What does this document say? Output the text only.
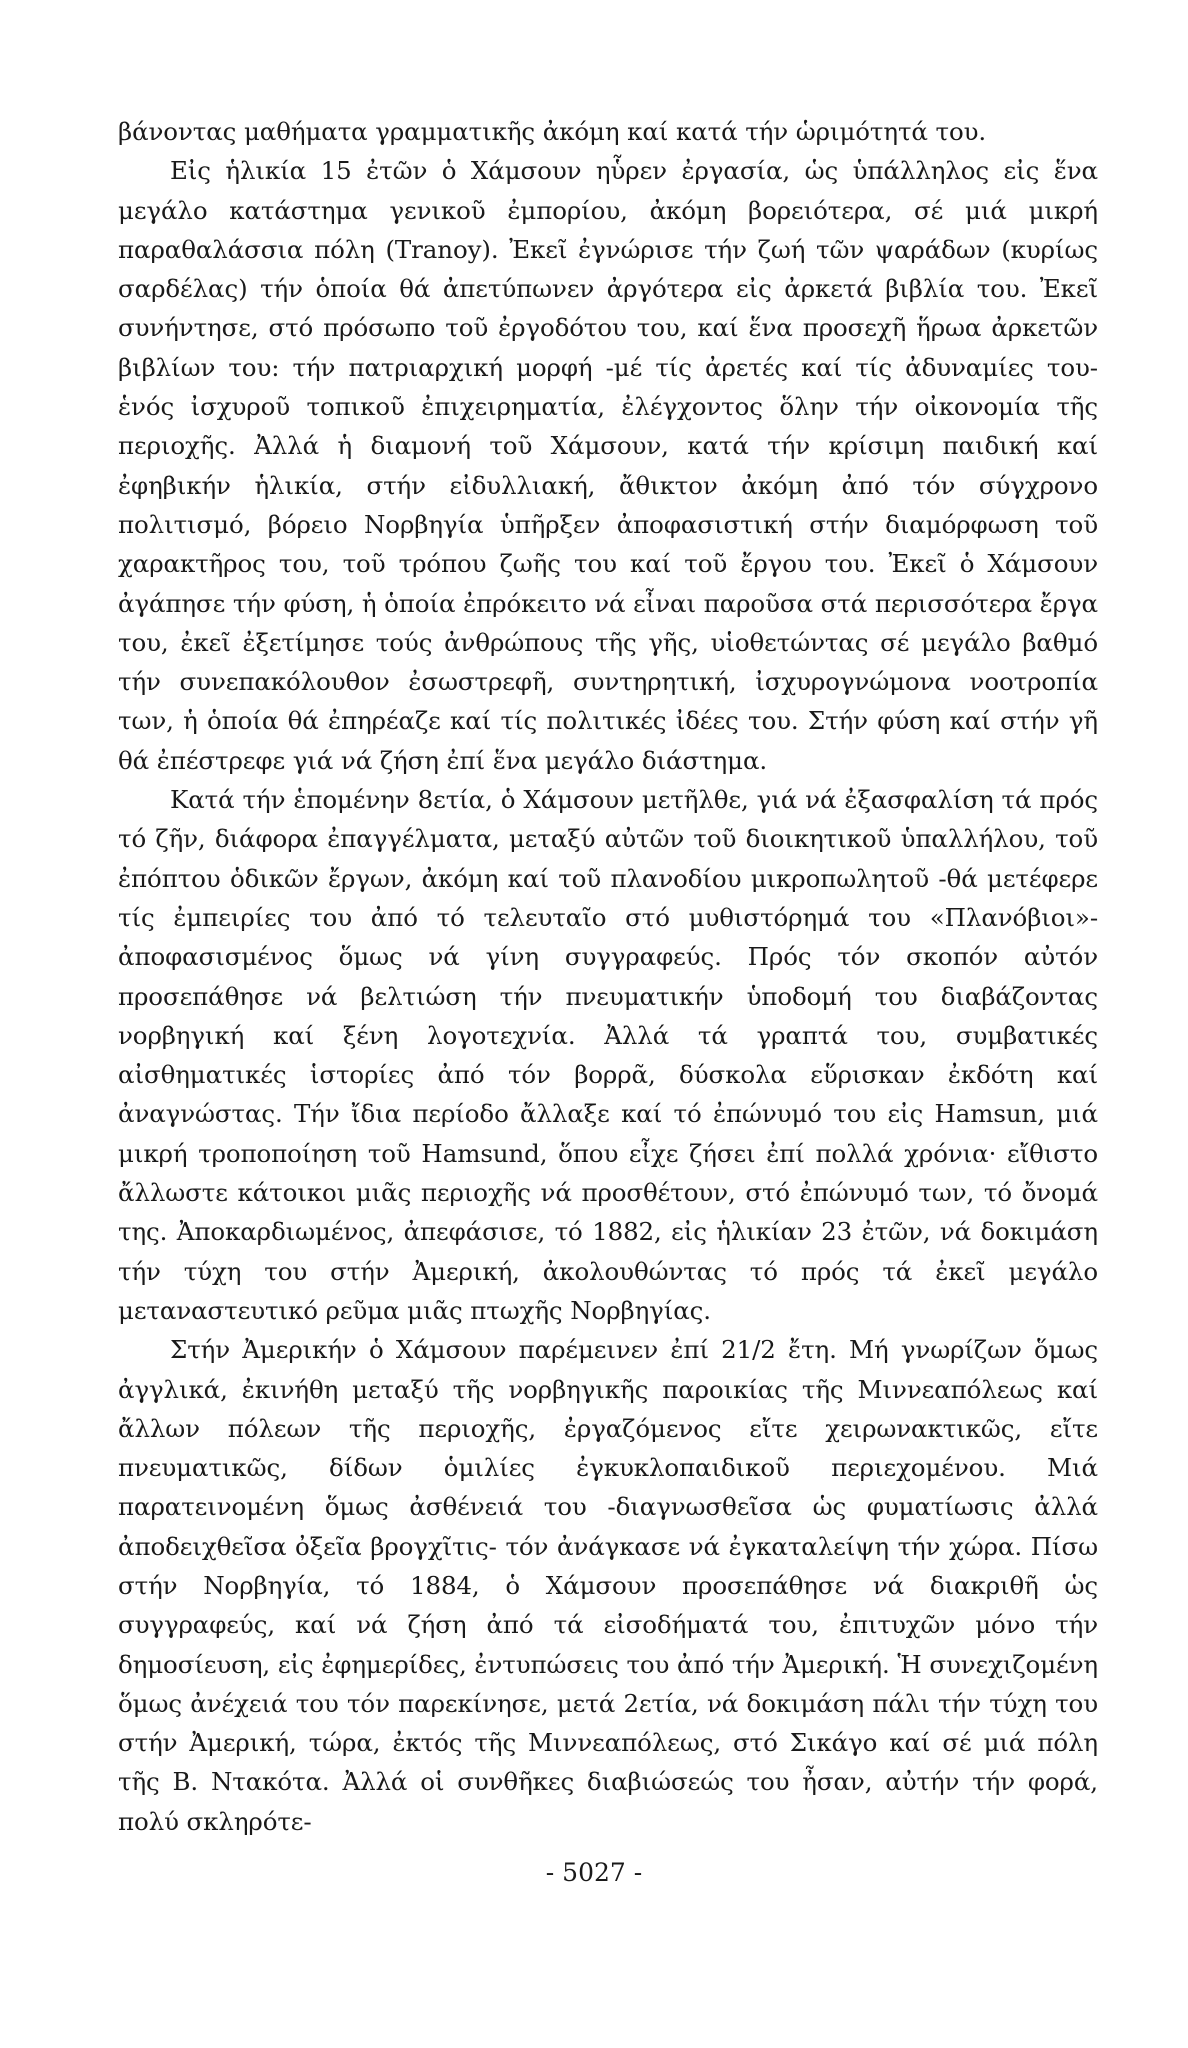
βάνοντας μαθήματα γραμματικῆς ἀκόμη καί κατά τήν ὡριμότητά του.

Εἰς ἡλικία 15 ἐτῶν ὁ Χάμσουν ηὗρεν ἐργασία, ὡς ὑπάλληλος εἰς ἕνα μεγάλο κατάστημα γενικοῦ ἐμπορίου, ἀκόμη βορειότερα, σέ μιά μικρή παραθαλάσσια πόλη (Tranoy). Ἐκεῖ ἐγνώρισε τήν ζωή τῶν ψαράδων (κυρίως σαρδέλας) τήν ὁποία θά ἀπετύπωνεν ἀργότερα εἰς ἀρκετά βιβλία του. Ἐκεῖ συνήντησε, στό πρόσωπο τοῦ ἐργοδότου του, καί ἕνα προσεχῆ ἥρωα ἀρκετῶν βιβλίων του: τήν πατριαρχική μορφή -μέ τίς ἀρετές καί τίς ἀδυναμίες του- ἑνός ἰσχυροῦ τοπικοῦ ἐπιχειρηματία, ἐλέγχοντος ὅλην τήν οἰκονομία τῆς περιοχῆς. Ἀλλά ἡ διαμονή τοῦ Χάμσουν, κατά τήν κρίσιμη παιδική καί ἐφηβικήν ἡλικία, στήν εἰδυλλιακή, ἄθικτον ἀκόμη ἀπό τόν σύγχρονο πολιτισμό, βόρειο Νορβηγία ὑπῆρξεν ἀποφασιστική στήν διαμόρφωση τοῦ χαρακτῆρος του, τοῦ τρόπου ζωῆς του καί τοῦ ἔργου του. Ἐκεῖ ὁ Χάμσουν ἀγάπησε τήν φύση, ἡ ὁποία ἐπρόκειτο νά εἶναι παροῦσα στά περισσότερα ἔργα του, ἐκεῖ ἐξετίμησε τούς ἀνθρώπους τῆς γῆς, υἱοθετώντας σέ μεγάλο βαθμό τήν συνεπακόλουθον ἐσωστρεφῆ, συντηρητική, ἰσχυρογνώμονα νοοτροπία των, ἡ ὁποία θά ἐπηρέαζε καί τίς πολιτικές ἰδέες του. Στήν φύση καί στήν γῆ θά ἐπέστρεφε γιά νά ζήση ἐπί ἕνα μεγάλο διάστημα.

Κατά τήν ἑπομένην 8ετία, ὁ Χάμσουν μετῆλθε, γιά νά ἐξασφαλίση τά πρός τό ζῆν, διάφορα ἐπαγγέλματα, μεταξύ αὐτῶν τοῦ διοικητικοῦ ὑπαλλήλου, τοῦ ἐπόπτου ὁδικῶν ἔργων, ἀκόμη καί τοῦ πλανοδίου μικροπωλητοῦ -θά μετέφερε τίς ἐμπειρίες του ἀπό τό τελευταῖο στό μυθιστόρημά του «Πλανόβιοι»- ἀποφασισμένος ὅμως νά γίνη συγγραφεύς. Πρός τόν σκοπόν αὐτόν προσεπάθησε νά βελτιώση τήν πνευματικήν ὑποδομή του διαβάζοντας νορβηγική καί ξένη λογοτεχνία. Ἀλλά τά γραπτά του, συμβατικές αἰσθηματικές ἱστορίες ἀπό τόν βορρᾶ, δύσκολα εὕρισκαν ἐκδότη καί ἀναγνώστας. Τήν ἴδια περίοδο ἄλλαξε καί τό ἐπώνυμό του εἰς Hamsun, μιά μικρή τροποποίηση τοῦ Hamsund, ὅπου εἶχε ζήσει ἐπί πολλά χρόνια· εἴθιστο ἄλλωστε κάτοικοι μιᾶς περιοχῆς νά προσθέτουν, στό ἐπώνυμό των, τό ὄνομά της. Ἀποκαρδιωμένος, ἀπεφάσισε, τό 1882, εἰς ἡλικίαν 23 ἐτῶν, νά δοκιμάση τήν τύχη του στήν Ἀμερική, ἀκολουθώντας τό πρός τά ἐκεῖ μεγάλο μεταναστευτικό ρεῦμα μιᾶς πτωχῆς Νορβηγίας.

Στήν Ἀμερικήν ὁ Χάμσουν παρέμεινεν ἐπί 21/2 ἔτη. Μή γνωρίζων ὅμως ἀγγλικά, ἐκινήθη μεταξύ τῆς νορβηγικῆς παροικίας τῆς Μιννεαπόλεως καί ἄλλων πόλεων τῆς περιοχῆς, ἐργαζόμενος εἴτε χειρωνακτικῶς, εἴτε πνευματικῶς, δίδων ὁμιλίες ἐγκυκλοπαιδικοῦ περιεχομένου. Μιά παρατεινομένη ὅμως ἀσθένειά του -διαγνωσθεῖσα ὡς φυματίωσις ἀλλά ἀποδειχθεῖσα ὀξεῖα βρογχῖτις- τόν ἀνάγκασε νά ἐγκαταλείψη τήν χώρα. Πίσω στήν Νορβηγία, τό 1884, ὁ Χάμσουν προσεπάθησε νά διακριθῆ ὡς συγγραφεύς, καί νά ζήση ἀπό τά εἰσοδήματά του, ἐπιτυχῶν μόνο τήν δημοσίευση, εἰς ἐφημερίδες, ἐντυπώσεις του ἀπό τήν Ἀμερική. Ἡ συνεχιζομένη ὅμως ἀνέχειά του τόν παρεκίνησε, μετά 2ετία, νά δοκιμάση πάλι τήν τύχη του στήν Ἀμερική, τώρα, ἐκτός τῆς Μιννεαπόλεως, στό Σικάγο καί σέ μιά πόλη τῆς Β. Ντακότα. Ἀλλά οἱ συνθῆκες διαβιώσεώς του ἦσαν, αὐτήν τήν φορά, πολύ σκληρότε-

- 5027 -
